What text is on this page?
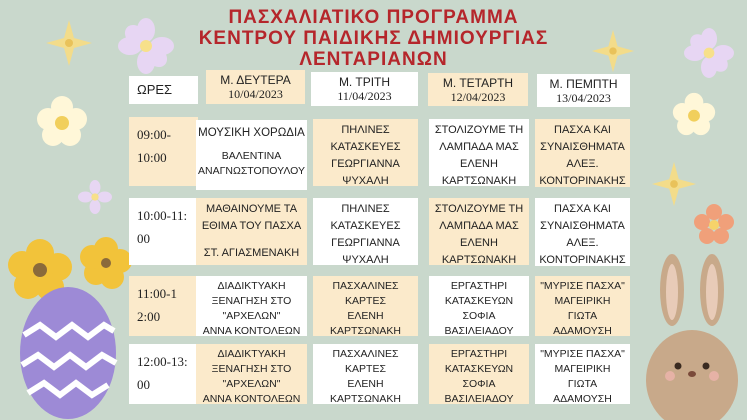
ΠΑΣΧΑΛΙΑΤΙΚΟ ΠΡΟΓΡΑΜΜΑ
ΚΕΝΤΡΟΥ ΠΑΙΔΙΚΗΣ ΔΗΜΙΟΥΡΓΙΑΣ
ΛΕΝΤΑΡΙΑΝΩΝ
ΩΡΕΣ
Μ. ΔΕΥΤΕΡΑ
10/04/2023
Μ. ΤΡΙΤΗ
11/04/2023
Μ. ΤΕΤΑΡΤΗ
12/04/2023
Μ. ΠΕΜΠΤΗ
13/04/2023
09:00-
10:00
ΜΟΥΣΙΚΗ ΧΟΡΩΔΙΑ
ΒΑΛΕΝΤΙΝΑ
ΑΝΑΓΝΩΣΤΟΠΟΥΛΟΥ
ΠΗΛΙΝΕΣ
ΚΑΤΑΣΚΕΥΕΣ
ΓΕΩΡΓΙΑΝΝΑ
ΨΥΧΑΛΗ
ΣΤΟΛΙΖΟΥΜΕ ΤΗ
ΛΑΜΠΑΔΑ ΜΑΣ
ΕΛΕΝΗ
ΚΑΡΤΣΩΝΑΚΗ
ΠΑΣΧΑ ΚΑΙ
ΣΥΝΑΙΣΘΗΜΑΤΑ
ΑΛΕΞ.
ΚΟΝΤΟΡΙΝΑΚΗΣ
10:00-11:
00
ΜΑΘΑΙΝΟΥΜΕ ΤΑ
ΕΘΙΜΑ ΤΟΥ ΠΑΣΧΑ
ΣΤ. ΑΓΙΑΣΜΕΝΑΚΗ
ΠΗΛΙΝΕΣ
ΚΑΤΑΣΚΕΥΕΣ
ΓΕΩΡΓΙΑΝΝΑ
ΨΥΧΑΛΗ
ΣΤΟΛΙΖΟΥΜΕ ΤΗ
ΛΑΜΠΑΔΑ ΜΑΣ
ΕΛΕΝΗ
ΚΑΡΤΣΩΝΑΚΗ
ΠΑΣΧΑ ΚΑΙ
ΣΥΝΑΙΣΘΗΜΑΤΑ
ΑΛΕΞ.
ΚΟΝΤΟΡΙΝΑΚΗΣ
11:00-1
2:00
ΔΙΑΔΙΚΤΥΑΚΗ
ΞΕΝΑΓΗΣΗ ΣΤΟ
"ΑΡΧΕΛΩΝ"
ΑΝΝΑ ΚΟΝΤΟΛΕΩΝ
ΠΑΣΧΑΛΙΝΕΣ
ΚΑΡΤΕΣ
ΕΛΕΝΗ
ΚΑΡΤΣΩΝΑΚΗ
ΕΡΓΑΣΤΗΡΙ
ΚΑΤΑΣΚΕΥΩΝ
ΣΟΦΙΑ
ΒΑΣΙΛΕΙΑΔΟΥ
"ΜΥΡΙΣΕ ΠΑΣΧΑ"
ΜΑΓΕΙΡΙΚΗ
ΓΙΩΤΑ
ΑΔΑΜΟΥΣΗ
12:00-13:
00
ΔΙΑΔΙΚΤΥΑΚΗ
ΞΕΝΑΓΗΣΗ ΣΤΟ
"ΑΡΧΕΛΩΝ"
ΑΝΝΑ ΚΟΝΤΟΛΕΩΝ
ΠΑΣΧΑΛΙΝΕΣ
ΚΑΡΤΕΣ
ΕΛΕΝΗ
ΚΑΡΤΣΩΝΑΚΗ
ΕΡΓΑΣΤΗΡΙ
ΚΑΤΑΣΚΕΥΩΝ
ΣΟΦΙΑ
ΒΑΣΙΛΕΙΑΔΟΥ
"ΜΥΡΙΣΕ ΠΑΣΧΑ"
ΜΑΓΕΙΡΙΚΗ
ΓΙΩΤΑ
ΑΔΑΜΟΥΣΗ
